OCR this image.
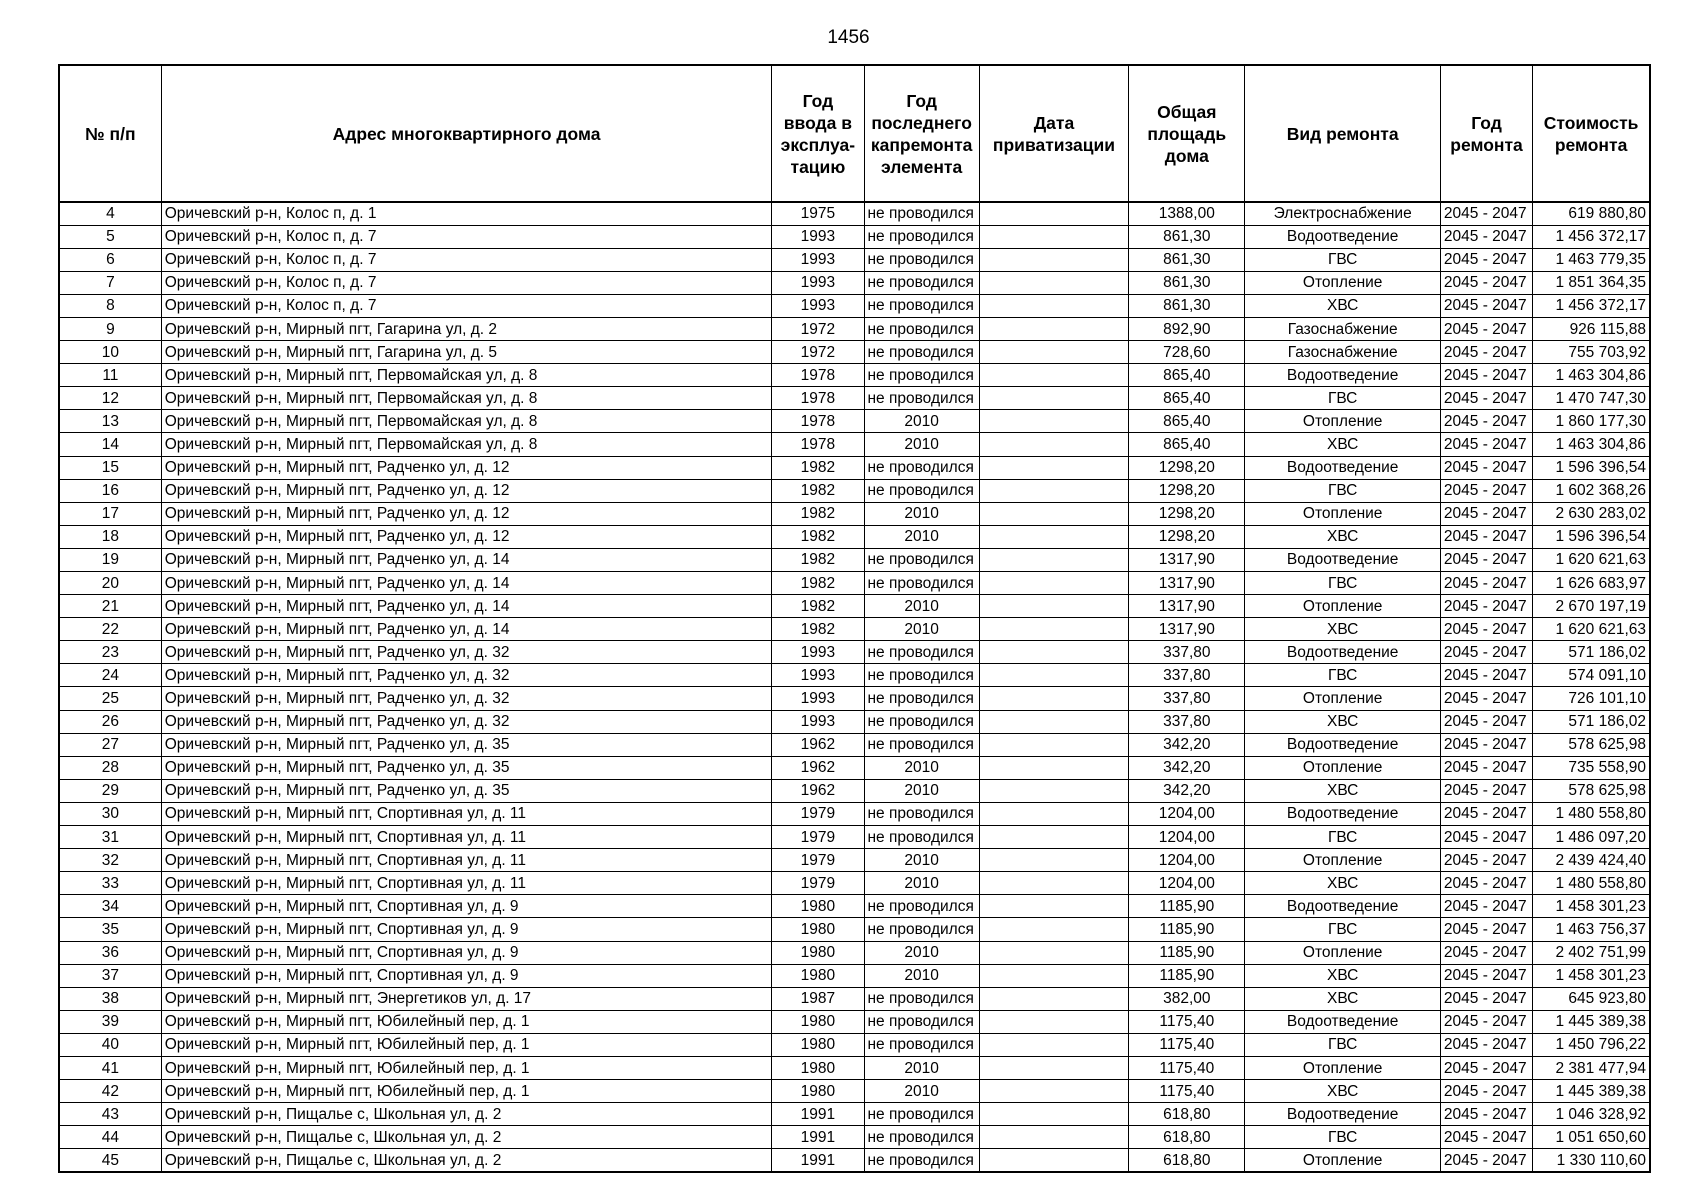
1456
№ п/п	Адрес многоквартирного дома	Год ввода в эксплуа-тацию	Год последнего капремонта элемента	Дата приватизации	Общая площадь дома	Вид ремонта	Год ремонта	Стоимость ремонта
4	Оричевский р-н, Колос п, д. 1	1975	не проводился		1388,00	Электроснабжение	2045 - 2047	619 880,80
5	Оричевский р-н, Колос п, д. 7	1993	не проводился		861,30	Водоотведение	2045 - 2047	1 456 372,17
6	Оричевский р-н, Колос п, д. 7	1993	не проводился		861,30	ГВС	2045 - 2047	1 463 779,35
7	Оричевский р-н, Колос п, д. 7	1993	не проводился		861,30	Отопление	2045 - 2047	1 851 364,35
8	Оричевский р-н, Колос п, д. 7	1993	не проводился		861,30	ХВС	2045 - 2047	1 456 372,17
9	Оричевский р-н, Мирный пгт, Гагарина ул, д. 2	1972	не проводился		892,90	Газоснабжение	2045 - 2047	926 115,88
10	Оричевский р-н, Мирный пгт, Гагарина ул, д. 5	1972	не проводился		728,60	Газоснабжение	2045 - 2047	755 703,92
11	Оричевский р-н, Мирный пгт, Первомайская ул, д. 8	1978	не проводился		865,40	Водоотведение	2045 - 2047	1 463 304,86
12	Оричевский р-н, Мирный пгт, Первомайская ул, д. 8	1978	не проводился		865,40	ГВС	2045 - 2047	1 470 747,30
13	Оричевский р-н, Мирный пгт, Первомайская ул, д. 8	1978	2010		865,40	Отопление	2045 - 2047	1 860 177,30
14	Оричевский р-н, Мирный пгт, Первомайская ул, д. 8	1978	2010		865,40	ХВС	2045 - 2047	1 463 304,86
15	Оричевский р-н, Мирный пгт, Радченко ул, д. 12	1982	не проводился		1298,20	Водоотведение	2045 - 2047	1 596 396,54
16	Оричевский р-н, Мирный пгт, Радченко ул, д. 12	1982	не проводился		1298,20	ГВС	2045 - 2047	1 602 368,26
17	Оричевский р-н, Мирный пгт, Радченко ул, д. 12	1982	2010		1298,20	Отопление	2045 - 2047	2 630 283,02
18	Оричевский р-н, Мирный пгт, Радченко ул, д. 12	1982	2010		1298,20	ХВС	2045 - 2047	1 596 396,54
19	Оричевский р-н, Мирный пгт, Радченко ул, д. 14	1982	не проводился		1317,90	Водоотведение	2045 - 2047	1 620 621,63
20	Оричевский р-н, Мирный пгт, Радченко ул, д. 14	1982	не проводился		1317,90	ГВС	2045 - 2047	1 626 683,97
21	Оричевский р-н, Мирный пгт, Радченко ул, д. 14	1982	2010		1317,90	Отопление	2045 - 2047	2 670 197,19
22	Оричевский р-н, Мирный пгт, Радченко ул, д. 14	1982	2010		1317,90	ХВС	2045 - 2047	1 620 621,63
23	Оричевский р-н, Мирный пгт, Радченко ул, д. 32	1993	не проводился		337,80	Водоотведение	2045 - 2047	571 186,02
24	Оричевский р-н, Мирный пгт, Радченко ул, д. 32	1993	не проводился		337,80	ГВС	2045 - 2047	574 091,10
25	Оричевский р-н, Мирный пгт, Радченко ул, д. 32	1993	не проводился		337,80	Отопление	2045 - 2047	726 101,10
26	Оричевский р-н, Мирный пгт, Радченко ул, д. 32	1993	не проводился		337,80	ХВС	2045 - 2047	571 186,02
27	Оричевский р-н, Мирный пгт, Радченко ул, д. 35	1962	не проводился		342,20	Водоотведение	2045 - 2047	578 625,98
28	Оричевский р-н, Мирный пгт, Радченко ул, д. 35	1962	2010		342,20	Отопление	2045 - 2047	735 558,90
29	Оричевский р-н, Мирный пгт, Радченко ул, д. 35	1962	2010		342,20	ХВС	2045 - 2047	578 625,98
30	Оричевский р-н, Мирный пгт, Спортивная ул, д. 11	1979	не проводился		1204,00	Водоотведение	2045 - 2047	1 480 558,80
31	Оричевский р-н, Мирный пгт, Спортивная ул, д. 11	1979	не проводился		1204,00	ГВС	2045 - 2047	1 486 097,20
32	Оричевский р-н, Мирный пгт, Спортивная ул, д. 11	1979	2010		1204,00	Отопление	2045 - 2047	2 439 424,40
33	Оричевский р-н, Мирный пгт, Спортивная ул, д. 11	1979	2010		1204,00	ХВС	2045 - 2047	1 480 558,80
34	Оричевский р-н, Мирный пгт, Спортивная ул, д. 9	1980	не проводился		1185,90	Водоотведение	2045 - 2047	1 458 301,23
35	Оричевский р-н, Мирный пгт, Спортивная ул, д. 9	1980	не проводился		1185,90	ГВС	2045 - 2047	1 463 756,37
36	Оричевский р-н, Мирный пгт, Спортивная ул, д. 9	1980	2010		1185,90	Отопление	2045 - 2047	2 402 751,99
37	Оричевский р-н, Мирный пгт, Спортивная ул, д. 9	1980	2010		1185,90	ХВС	2045 - 2047	1 458 301,23
38	Оричевский р-н, Мирный пгт, Энергетиков ул, д. 17	1987	не проводился		382,00	ХВС	2045 - 2047	645 923,80
39	Оричевский р-н, Мирный пгт, Юбилейный пер, д. 1	1980	не проводился		1175,40	Водоотведение	2045 - 2047	1 445 389,38
40	Оричевский р-н, Мирный пгт, Юбилейный пер, д. 1	1980	не проводился		1175,40	ГВС	2045 - 2047	1 450 796,22
41	Оричевский р-н, Мирный пгт, Юбилейный пер, д. 1	1980	2010		1175,40	Отопление	2045 - 2047	2 381 477,94
42	Оричевский р-н, Мирный пгт, Юбилейный пер, д. 1	1980	2010		1175,40	ХВС	2045 - 2047	1 445 389,38
43	Оричевский р-н, Пищалье с, Школьная ул, д. 2	1991	не проводился		618,80	Водоотведение	2045 - 2047	1 046 328,92
44	Оричевский р-н, Пищалье с, Школьная ул, д. 2	1991	не проводился		618,80	ГВС	2045 - 2047	1 051 650,60
45	Оричевский р-н, Пищалье с, Школьная ул, д. 2	1991	не проводился		618,80	Отопление	2045 - 2047	1 330 110,60
